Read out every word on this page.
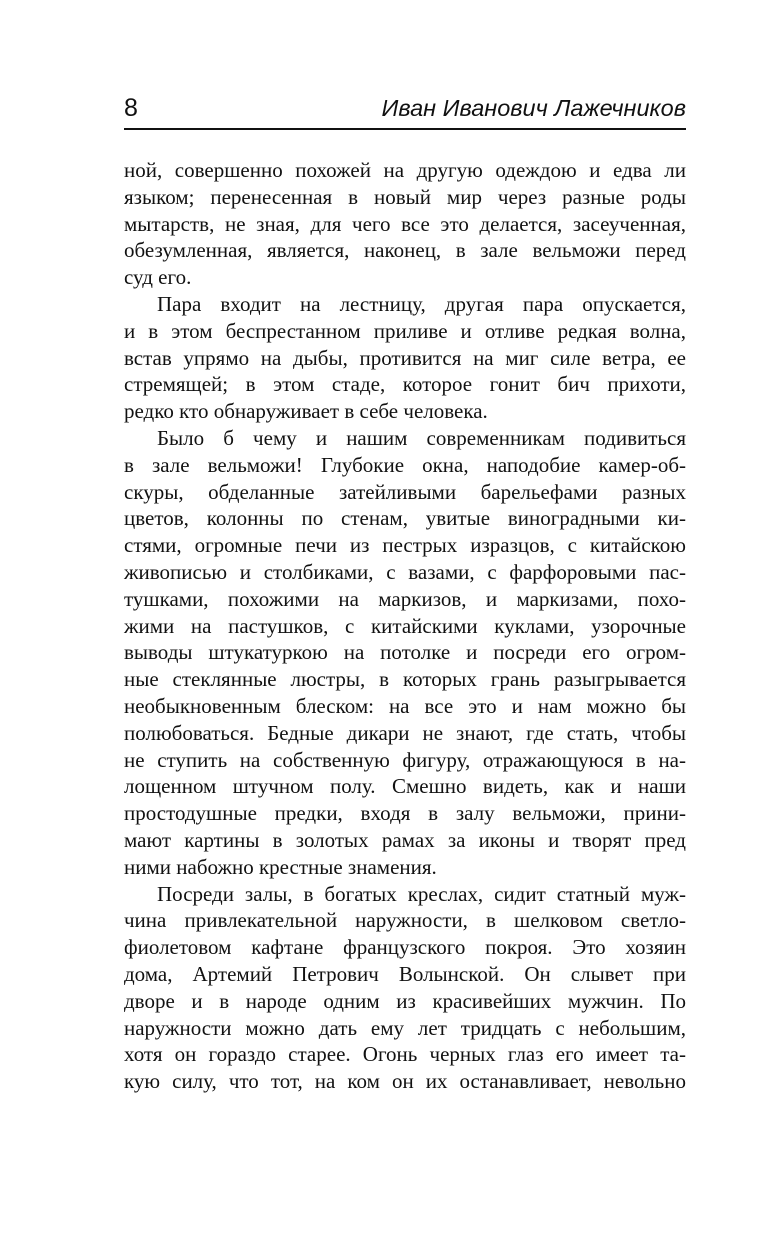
8	Иван Иванович Лажечников
ной, совершенно похожей на другую одеждою и едва ли
языком; перенесенная в новый мир через разные роды
мытарств, не зная, для чего все это делается, засеученная,
обезумленная, является, наконец, в зале вельможи перед
суд его.
Пара входит на лестницу, другая пара опускается,
и в этом беспрестанном приливе и отливе редкая волна,
встав упрямо на дыбы, противится на миг силе ветра, ее
стремящей; в этом стаде, которое гонит бич прихоти,
редко кто обнаруживает в себе человека.
Было б чему и нашим современникам подивиться
в зале вельможи! Глубокие окна, наподобие камер-об-
скуры, обделанные затейливыми барельефами разных
цветов, колонны по стенам, увитые виноградными ки-
стями, огромные печи из пестрых изразцов, с китайскою
живописью и столбиками, с вазами, с фарфоровыми пас-
тушками, похожими на маркизов, и маркизами, похо-
жими на пастушков, с китайскими куклами, узорочные
выводы штукатуркою на потолке и посреди его огром-
ные стеклянные люстры, в которых грань разыгрывается
необыкновенным блеском: на все это и нам можно бы
полюбоваться. Бедные дикари не знают, где стать, чтобы
не ступить на собственную фигуру, отражающуюся в на-
лощенном штучном полу. Смешно видеть, как и наши
простодушные предки, входя в залу вельможи, прини-
мают картины в золотых рамах за иконы и творят пред
ними набожно крестные знамения.
Посреди залы, в богатых креслах, сидит статный муж-
чина привлекательной наружности, в шелковом светло-
фиолетовом кафтане французского покроя. Это хозяин
дома, Артемий Петрович Волынской. Он слывет при
дворе и в народе одним из красивейших мужчин. По
наружности можно дать ему лет тридцать с небольшим,
хотя он гораздо старее. Огонь черных глаз его имеет та-
кую силу, что тот, на ком он их останавливает, невольно
